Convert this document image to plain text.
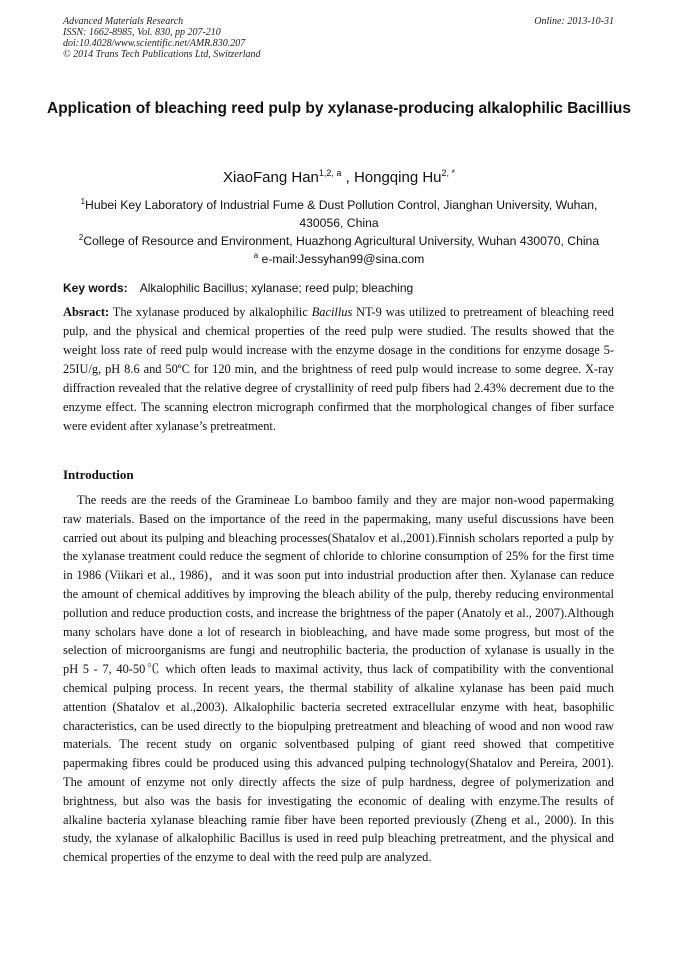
Advanced Materials Research
ISSN: 1662-8985, Vol. 830, pp 207-210
doi:10.4028/www.scientific.net/AMR.830.207
© 2014 Trans Tech Publications Ltd, Switzerland
Online: 2013-10-31
Application of bleaching reed pulp by xylanase-producing alkalophilic Bacillius
XiaoFang Han$^{1,2, a}$ , Hongqing $Hu^{2, *}$
$^1$Hubei Key Laboratory of Industrial Fume & Dust Pollution Control, Jianghan University, Wuhan, 430056, China
$^2$College of Resource and Environment, Huazhong Agricultural University, Wuhan 430070, China
$^a$ e-mail:Jessyhan99@sina.com
Key words: Alkalophilic Bacillus; xylanase; reed pulp; bleaching
Absract: The xylanase produced by alkalophilic Bacillus NT-9 was utilized to pretreament of bleaching reed pulp, and the physical and chemical properties of the reed pulp were studied. The results showed that the weight loss rate of reed pulp would increase with the enzyme dosage in the conditions for enzyme dosage 5-25IU/g, pH 8.6 and 50ºC for 120 min, and the brightness of reed pulp would increase to some degree. X-ray diffraction revealed that the relative degree of crystallinity of reed pulp fibers had 2.43% decrement due to the enzyme effect. The scanning electron micrograph confirmed that the morphological changes of fiber surface were evident after xylanase’s pretreatment.
Introduction
The reeds are the reeds of the Gramineae Lo bamboo family and they are major non-wood papermaking raw materials. Based on the importance of the reed in the papermaking, many useful discussions have been carried out about its pulping and bleaching processes(Shatalov et al.,2001).Finnish scholars reported a pulp by the xylanase treatment could reduce the segment of chloride to chlorine consumption of 25% for the first time in 1986 (Viikari et al., 1986)，and it was soon put into industrial production after then. Xylanase can reduce the amount of chemical additives by improving the bleach ability of the pulp, thereby reducing environmental pollution and reduce production costs, and increase the brightness of the paper (Anatoly et al., 2007).Although many scholars have done a lot of research in biobleaching, and have made some progress, but most of the selection of microorganisms are fungi and neutrophilic bacteria, the production of xylanase is usually in the pH 5 - 7, 40-50℃ which often leads to maximal activity, thus lack of compatibility with the conventional chemical pulping process. In recent years, the thermal stability of alkaline xylanase has been paid much attention (Shatalov et al.,2003). Alkalophilic bacteria secreted extracellular enzyme with heat, basophilic characteristics, can be used directly to the biopulping pretreatment and bleaching of wood and non wood raw materials. The recent study on organic solventbased pulping of giant reed showed that competitive papermaking fibres could be produced using this advanced pulping technology(Shatalov and Pereira, 2001). The amount of enzyme not only directly affects the size of pulp hardness, degree of polymerization and brightness, but also was the basis for investigating the economic of dealing with enzyme.The results of alkaline bacteria xylanase bleaching ramie fiber have been reported previously (Zheng et al., 2000). In this study, the xylanase of alkalophilic Bacillus is used in reed pulp bleaching pretreatment, and the physical and chemical properties of the enzyme to deal with the reed pulp are analyzed.
